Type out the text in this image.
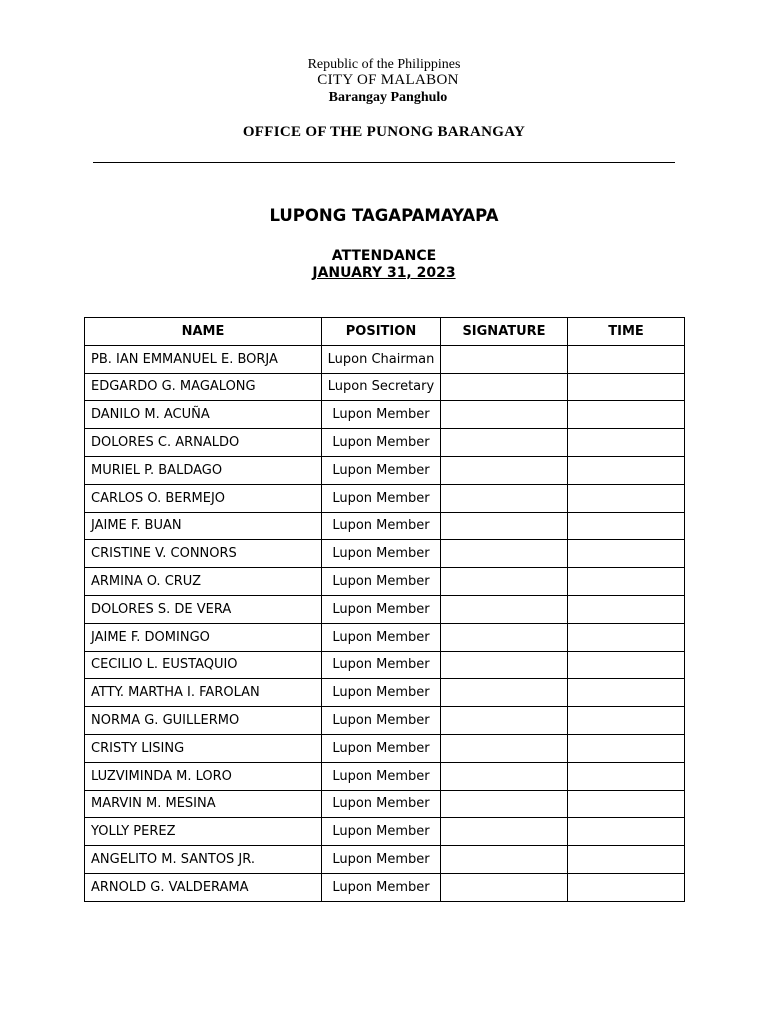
Republic of the Philippines
CITY OF MALABON
Barangay Panghulo
OFFICE OF THE PUNONG BARANGAY
LUPONG TAGAPAMAYAPA
ATTENDANCE
JANUARY 31, 2023
NAME	POSITION	SIGNATURE	TIME
PB. IAN EMMANUEL E. BORJA	Lupon Chairman		
EDGARDO G. MAGALONG	Lupon Secretary		
DANILO M. ACUÑA	Lupon Member		
DOLORES C. ARNALDO	Lupon Member		
MURIEL P. BALDAGO	Lupon Member		
CARLOS O. BERMEJO	Lupon Member		
JAIME F. BUAN	Lupon Member		
CRISTINE V. CONNORS	Lupon Member		
ARMINA O. CRUZ	Lupon Member		
DOLORES S. DE VERA	Lupon Member		
JAIME F. DOMINGO	Lupon Member		
CECILIO L. EUSTAQUIO	Lupon Member		
ATTY. MARTHA I. FAROLAN	Lupon Member		
NORMA G. GUILLERMO	Lupon Member		
CRISTY LISING	Lupon Member		
LUZVIMINDA M. LORO	Lupon Member		
MARVIN M. MESINA	Lupon Member		
YOLLY PEREZ	Lupon Member		
ANGELITO M. SANTOS JR.	Lupon Member		
ARNOLD G. VALDERAMA	Lupon Member		
